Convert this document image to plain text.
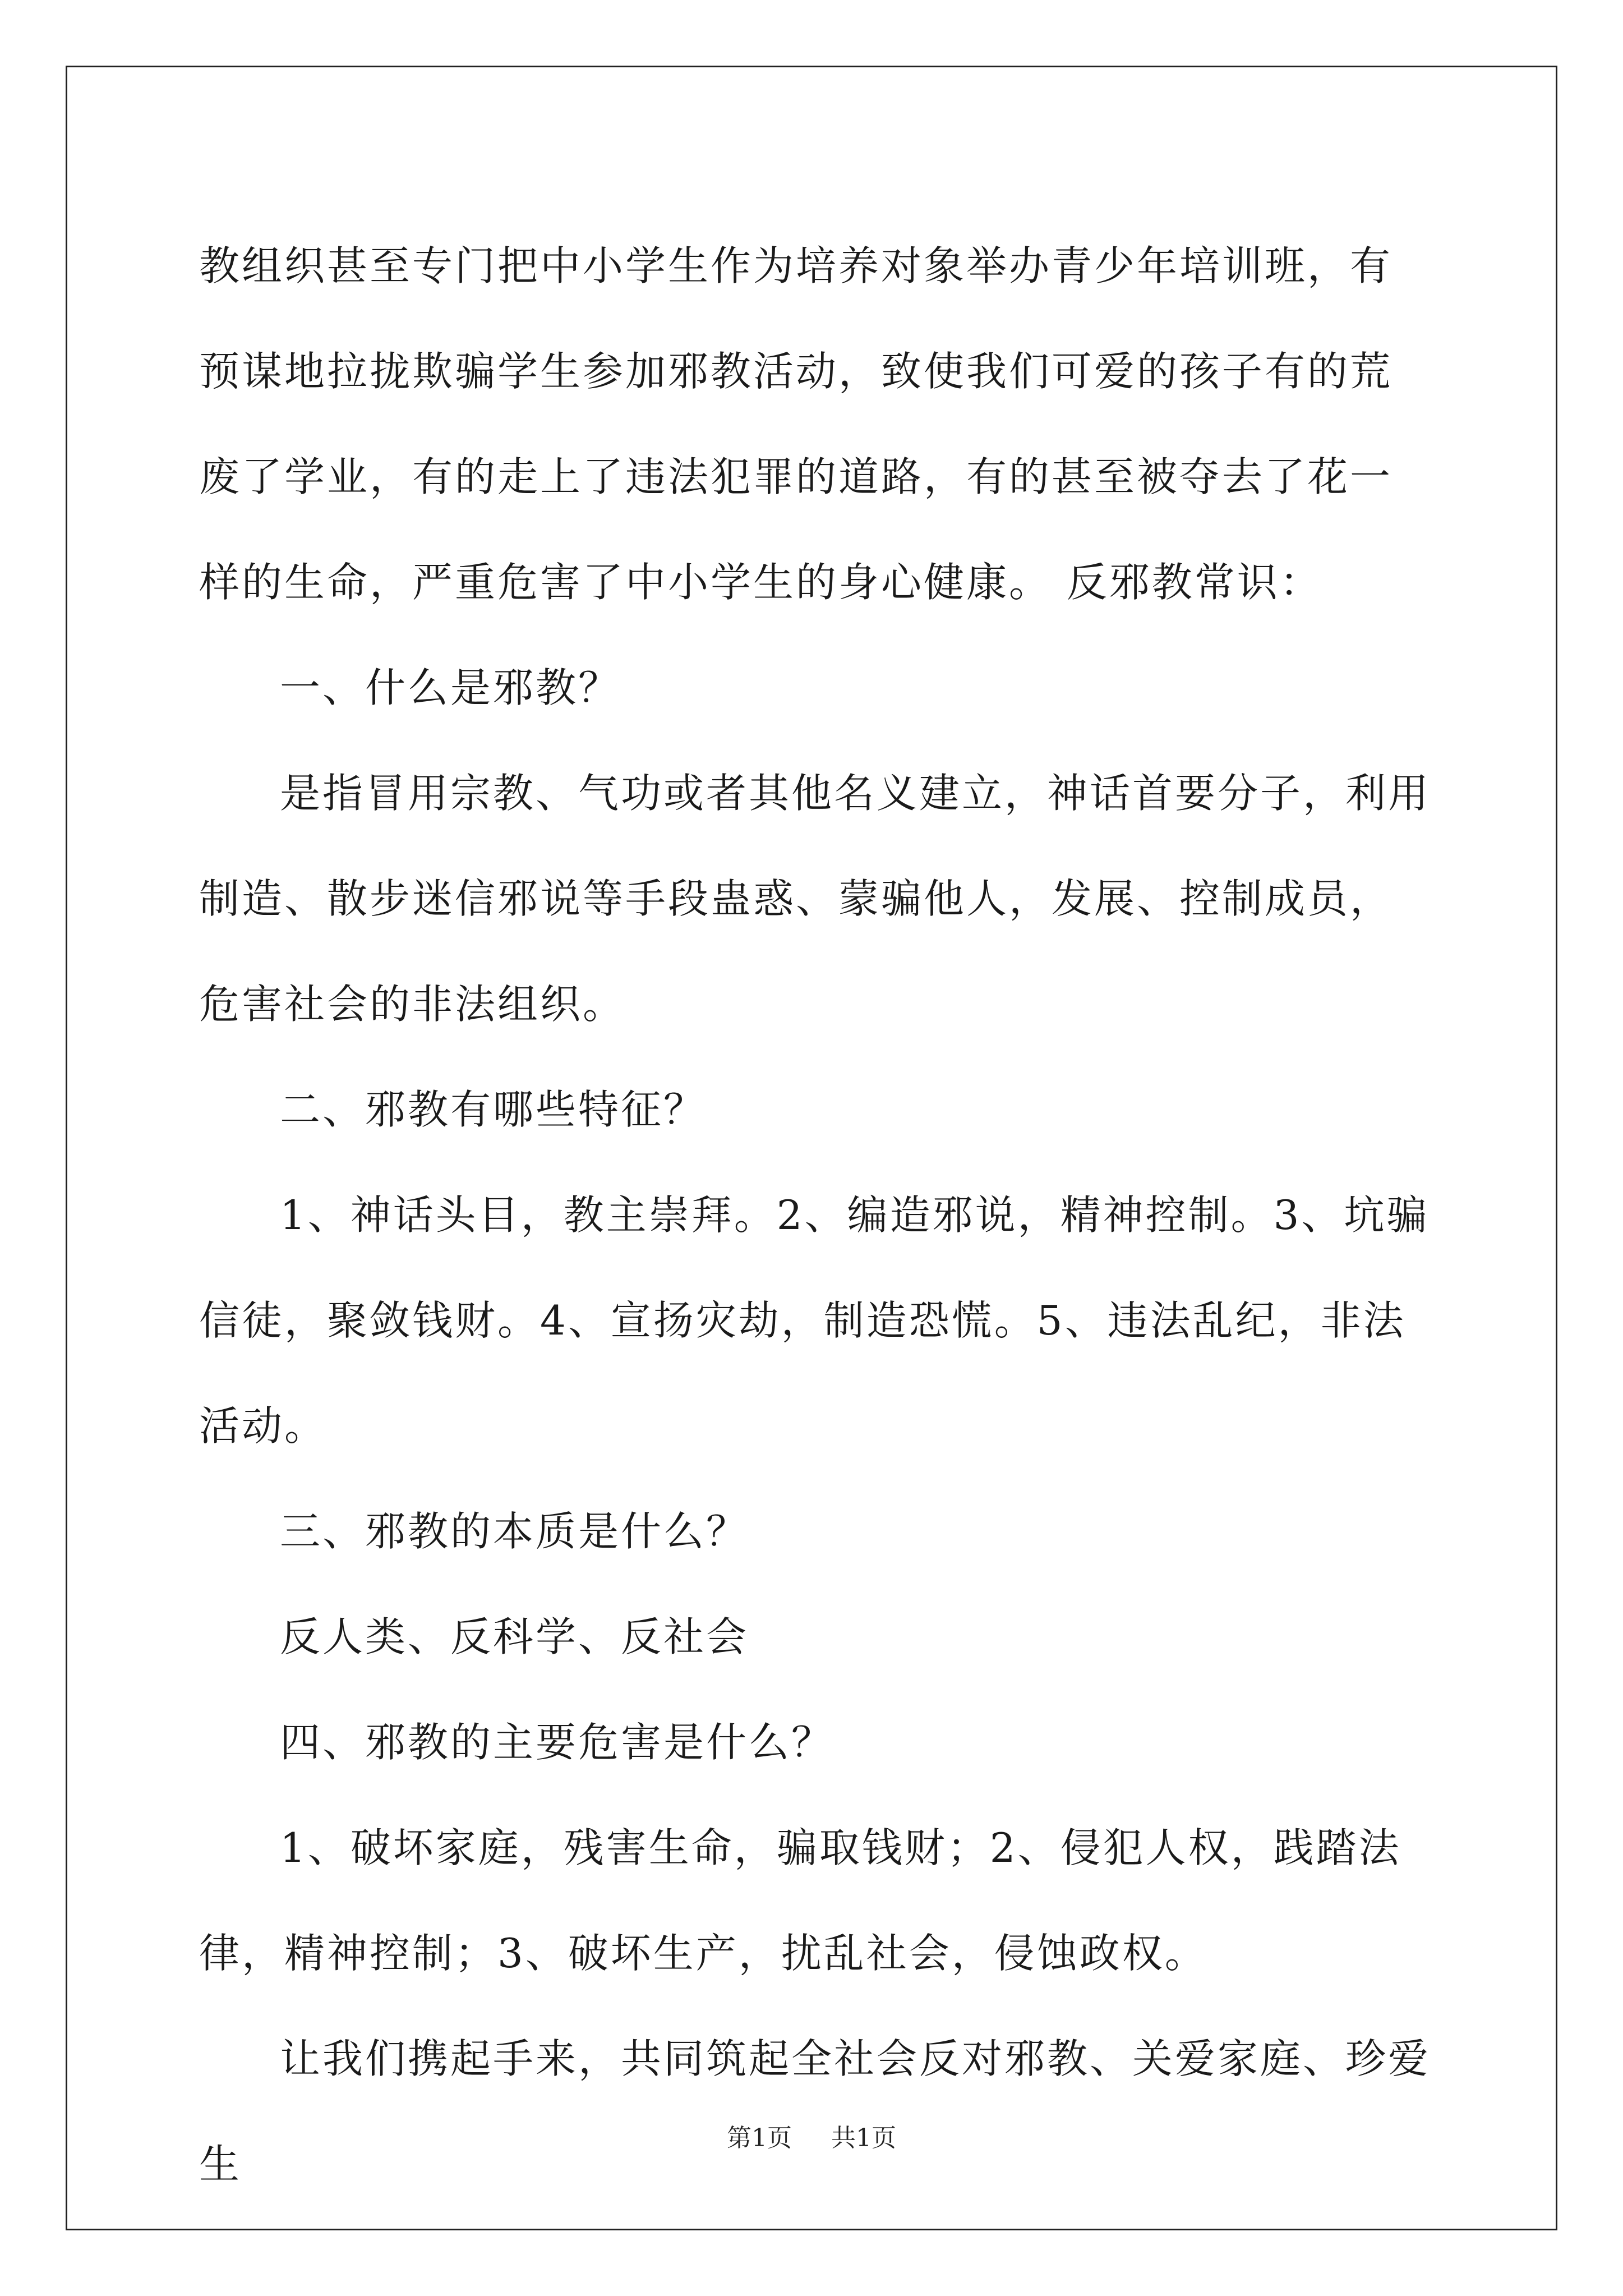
教组织甚至专门把中小学生作为培养对象举办青少年培训班，有预谋地拉拢欺骗学生参加邪教活动，致使我们可爱的孩子有的荒废了学业，有的走上了违法犯罪的道路，有的甚至被夺去了花一样的生命，严重危害了中小学生的身心健康。 反邪教常识：

一、什么是邪教？

是指冒用宗教、气功或者其他名义建立，神话首要分子，利用制造、散步迷信邪说等手段蛊惑、蒙骗他人，发展、控制成员，危害社会的非法组织。

二、邪教有哪些特征？

1、神话头目，教主崇拜。2、编造邪说，精神控制。3、坑骗信徒，聚敛钱财。4、宣扬灾劫，制造恐慌。5、违法乱纪，非法活动。

三、邪教的本质是什么？

反人类、反科学、反社会

四、邪教的主要危害是什么？

1、破坏家庭，残害生命，骗取钱财；2、侵犯人权，践踏法律，精神控制；3、破坏生产，扰乱社会，侵蚀政权。

让我们携起手来，共同筑起全社会反对邪教、关爱家庭、珍爱生

第1页 共1页
